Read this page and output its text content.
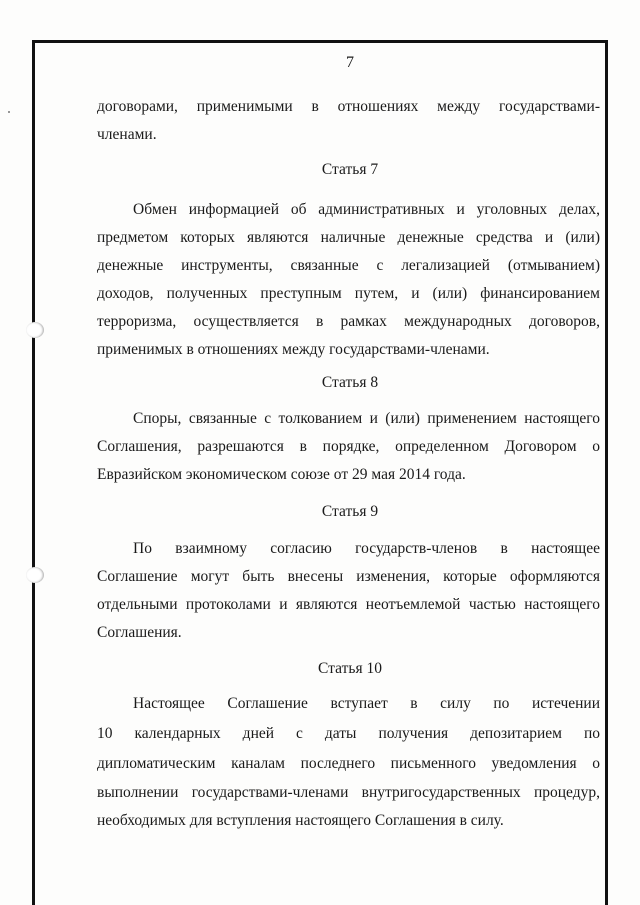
7
договорами, применимыми в отношениях между государствами-
членами.
Статья 7
Обмен информацией об административных и уголовных делах,
предметом которых являются наличные денежные средства и (или)
денежные инструменты, связанные с легализацией (отмыванием)
доходов, полученных преступным путем, и (или) финансированием
терроризма, осуществляется в рамках международных договоров,
применимых в отношениях между государствами-членами.
Статья 8
Споры, связанные с толкованием и (или) применением настоящего
Соглашения, разрешаются в порядке, определенном Договором о
Евразийском экономическом союзе от 29 мая 2014 года.
Статья 9
По взаимному согласию государств-членов в настоящее
Соглашение могут быть внесены изменения, которые оформляются
отдельными протоколами и являются неотъемлемой частью настоящего
Соглашения.
Статья 10
Настоящее Соглашение вступает в силу по истечении
10 календарных дней с даты получения депозитарием по
дипломатическим каналам последнего письменного уведомления о
выполнении государствами-членами внутригосударственных процедур,
необходимых для вступления настоящего Соглашения в силу.
